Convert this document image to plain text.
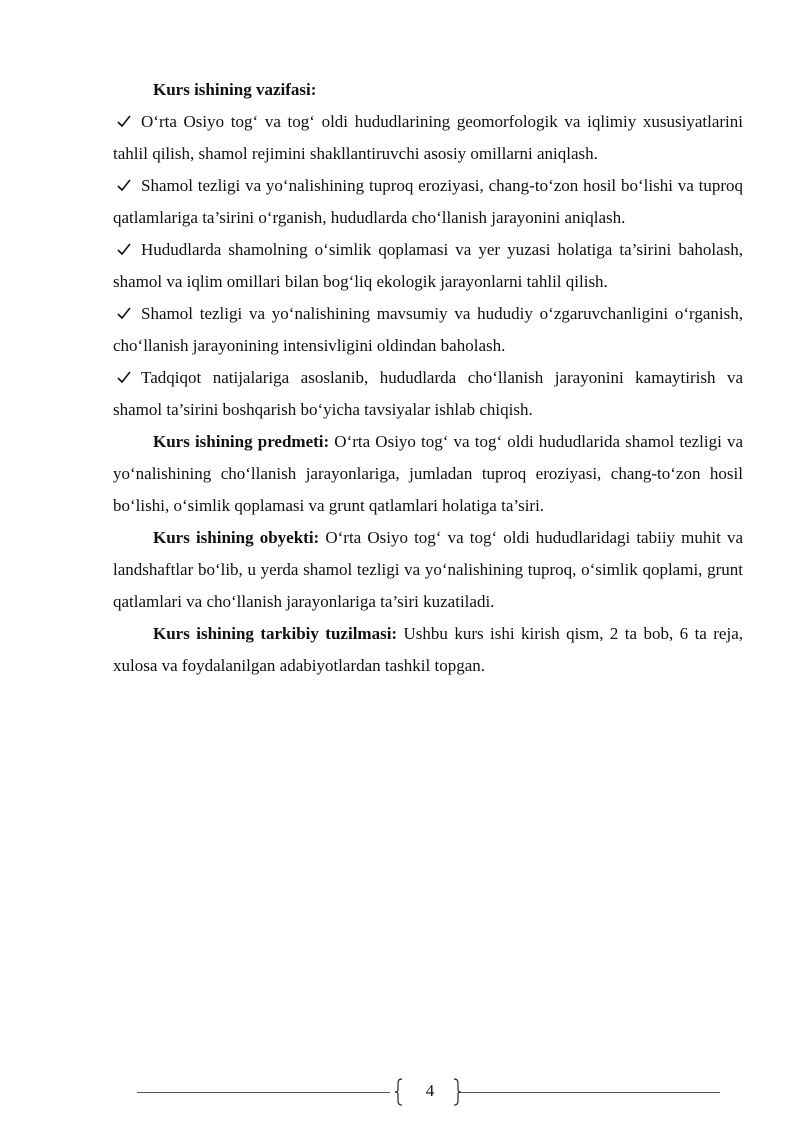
Kurs ishining vazifasi:

O‘rta Osiyo tog‘ va tog‘ oldi hududlarining geomorfologik va iqlimiy xususiyatlarini tahlil qilish, shamol rejimini shakllantiruvchi asosiy omillarni aniqlash.

Shamol tezligi va yo‘nalishining tuproq eroziyasi, chang-to‘zon hosil bo‘lishi va tuproq qatlamlariga ta’sirini o‘rganish, hududlarda cho‘llanish jarayonini aniqlash.

Hududlarda shamolning o‘simlik qoplamasi va yer yuzasi holatiga ta’sirini baholash, shamol va iqlim omillari bilan bog‘liq ekologik jarayonlarni tahlil qilish.

Shamol tezligi va yo‘nalishining mavsumiy va hududiy o‘zgaruvchanligini o‘rganish, cho‘llanish jarayonining intensivligini oldindan baholash.

Tadqiqot natijalariga asoslanib, hududlarda cho‘llanish jarayonini kamaytirish va shamol ta’sirini boshqarish bo‘yicha tavsiyalar ishlab chiqish.

Kurs ishining predmeti: O‘rta Osiyo tog‘ va tog‘ oldi hududlarida shamol tezligi va yo‘nalishining cho‘llanish jarayonlariga, jumladan tuproq eroziyasi, chang-to‘zon hosil bo‘lishi, o‘simlik qoplamasi va grunt qatlamlari holatiga ta’siri.

Kurs ishining obyekti: O‘rta Osiyo tog‘ va tog‘ oldi hududlaridagi tabiiy muhit va landshaftlar bo‘lib, u yerda shamol tezligi va yo‘nalishining tuproq, o‘simlik qoplami, grunt qatlamlari va cho‘llanish jarayonlariga ta’siri kuzatiladi.

Kurs ishining tarkibiy tuzilmasi: Ushbu kurs ishi kirish qism, 2 ta bob, 6 ta reja, xulosa va foydalanilgan adabiyotlardan tashkil topgan.

4
